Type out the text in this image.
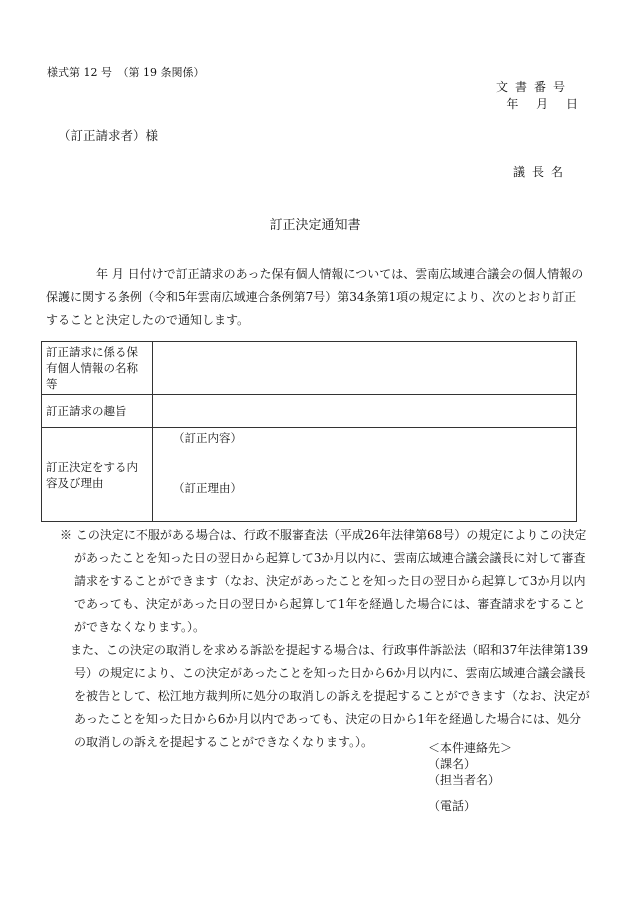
様式第 12 号　（第 19 条関係）
文書番号
年 月 日
（訂正請求者）様
議長名
訂正決定通知書

年 月 日付けで訂正請求のあった保有個人情報については、雲南広域連合議会の個人情報の保護に関する条例（令和5年雲南広域連合条例第7号）第34条第1項の規定により、次のとおり訂正することと決定したので通知します。

訂正請求に係る保有個人情報の名称等	
訂正請求の趣旨	
訂正決定をする内容及び理由	（訂正内容）
（訂正理由）

※ この決定に不服がある場合は、行政不服審査法（平成26年法律第68号）の規定によりこの決定があったことを知った日の翌日から起算して3か月以内に、雲南広域連合議会議長に対して審査請求をすることができます（なお、決定があったことを知った日の翌日から起算して3か月以内であっても、決定があった日の翌日から起算して1年を経過した場合には、審査請求をすることができなくなります。）。

また、この決定の取消しを求める訴訟を提起する場合は、行政事件訴訟法（昭和37年法律第139号）の規定により、この決定があったことを知った日から6か月以内に、雲南広域連合議会議長を被告として、松江地方裁判所に処分の取消しの訴えを提起することができます（なお、決定があったことを知った日から6か月以内であっても、決定の日から1年を経過した場合には、処分の取消しの訴えを提起することができなくなります。）。	＜本件連絡先＞
（課名）
（担当者名）
（電話）
